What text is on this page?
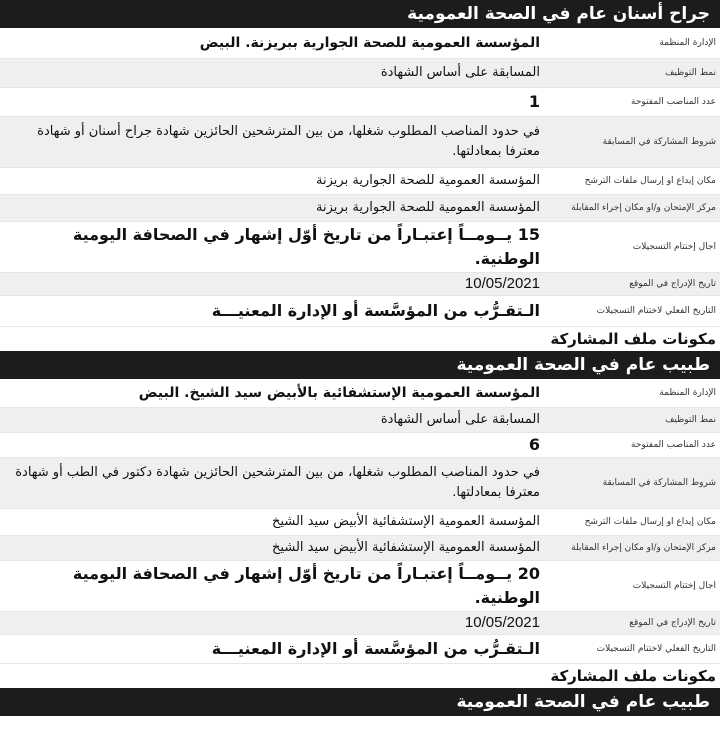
جراح أسنان عام في الصحة العمومية
الإدارة المنظمة
المؤسسة العمومية للصحة الجوارية ببريزنة. البيض
نمط التوظيف
المسابقة على أساس الشهادة
عدد المناصب المفتوحة
1
شروط المشاركة في المسابقة
في حدود المناصب المطلوب شغلها، من بين المترشحين الحائزين شهادة جراح أسنان أو شهادة معترفا بمعادلتها.
مكان إيداع أو إرسال ملفات الترشح
المؤسسة العمومية للصحة الجوارية بريزنة
مركز الإمتحان و/أو مكان إجراء المقابلة
المؤسسة العمومية للصحة الجوارية بريزنة
أجال إختتام التسجيلات
15 يــومــاً إعتبـاراً من تاريخ أوّل إشهار في الصحافة اليومية الوطنية.
تاريخ الإدراج في الموقع
10/05/2021
التاريخ الفعلي لاختتام التسجيلات
الـتقـرُّب من المؤسَّسة أو الإدارة المعنيـــة
مكونات ملف المشاركة
طبيب عام في الصحة العمومية
الإدارة المنظمة
المؤسسة العمومية الإستشفائية بالأبيض سيد الشيخ. البيض
نمط التوظيف
المسابقة على أساس الشهادة
عدد المناصب المفتوحة
6
شروط المشاركة في المسابقة
في حدود المناصب المطلوب شغلها، من بين المترشحين الحائزين شهادة دكتور في الطب أو شهادة معترفا بمعادلتها.
مكان إيداع أو إرسال ملفات الترشح
المؤسسة العمومية الإستشفائية الأبيض سيد الشيخ
مركز الإمتحان و/أو مكان إجراء المقابلة
المؤسسة العمومية الإستشفائية الأبيض سيد الشيخ
أجال إختتام التسجيلات
20 يــومــاً إعتبـاراً من تاريخ أوّل إشهار في الصحافة اليومية الوطنية.
تاريخ الإدراج في الموقع
10/05/2021
التاريخ الفعلي لاختتام التسجيلات
الـتقـرُّب من المؤسَّسة أو الإدارة المعنيـــة
مكونات ملف المشاركة
طبيب عام في الصحة العمومية
